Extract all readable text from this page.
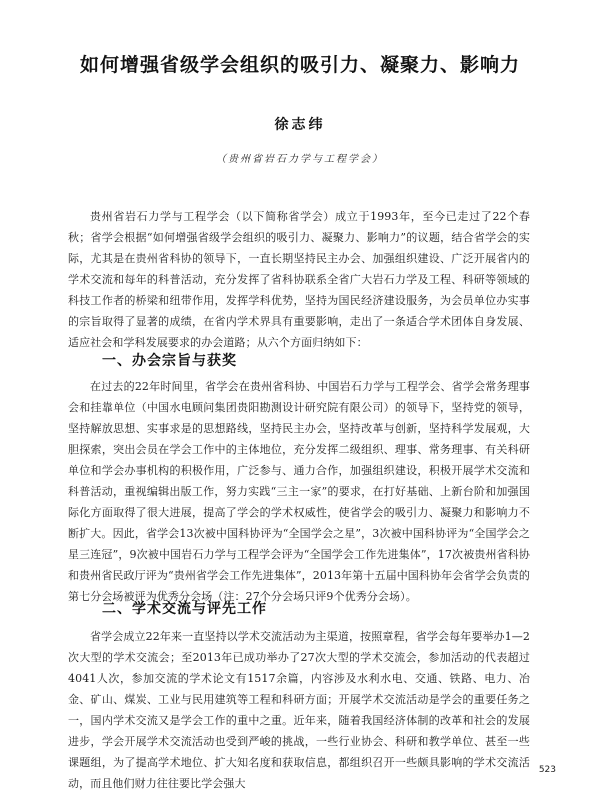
如何增强省级学会组织的吸引力、凝聚力、影响力
徐志纬
（贵州省岩石力学与工程学会）

贵州省岩石力学与工程学会（以下简称省学会）成立于1993年，至今已走过了22个春秋；省学会根据“如何增强省级学会组织的吸引力、凝聚力、影响力”的议题，结合省学会的实际，尤其是在贵州省科协的领导下，一直长期坚持民主办会、加强组织建设、广泛开展省内的学术交流和每年的科普活动，充分发挥了省科协联系全省广大岩石力学及工程、科研等领域的科技工作者的桥梁和纽带作用，发挥学科优势，坚持为国民经济建设服务，为会员单位办实事的宗旨取得了显著的成绩，在省内学术界具有重要影响，走出了一条适合学术团体自身发展、适应社会和学科发展要求的办会道路；从六个方面归纳如下：

一、办会宗旨与获奖

在过去的22年时间里，省学会在贵州省科协、中国岩石力学与工程学会、省学会常务理事会和挂靠单位（中国水电顾问集团贵阳勘测设计研究院有限公司）的领导下，坚持党的领导，坚持解放思想、实事求是的思想路线，坚持民主办会，坚持改革与创新，坚持科学发展观，大胆探索，突出会员在学会工作中的主体地位，充分发挥二级组织、理事、常务理事、有关科研单位和学会办事机构的积极作用，广泛参与、通力合作，加强组织建设，积极开展学术交流和科普活动，重视编辑出版工作，努力实践“三主一家”的要求，在打好基础、上新台阶和加强国际化方面取得了很大进展，提高了学会的学术权威性，使省学会的吸引力、凝聚力和影响力不断扩大。因此，省学会13次被中国科协评为“全国学会之星”，3次被中国科协评为“全国学会之星三连冠”，9次被中国岩石力学与工程学会评为“全国学会工作先进集体”，17次被贵州省科协和贵州省民政厅评为“贵州省学会工作先进集体”，2013年第十五届中国科协年会省学会负责的第七分会场被评为优秀分会场（注：27个分会场只评9个优秀分会场）。

二、学术交流与评先工作

省学会成立22年来一直坚持以学术交流活动为主渠道，按照章程，省学会每年要举办1—2次大型的学术交流会；至2013年已成功举办了27次大型的学术交流会，参加活动的代表超过4041人次，参加交流的学术论文有1517余篇，内容涉及水利水电、交通、铁路、电力、冶金、矿山、煤炭、工业与民用建筑等工程和科研方面；开展学术交流活动是学会的重要任务之一，国内学术交流又是学会工作的重中之重。近年来，随着我国经济体制的改革和社会的发展进步，学会开展学术交流活动也受到严峻的挑战，一些行业协会、科研和教学单位、甚至一些课题组，为了提高学术地位、扩大知名度和获取信息，都组织召开一些颇具影响的学术交流活动，而且他们财力往往要比学会强大

523
